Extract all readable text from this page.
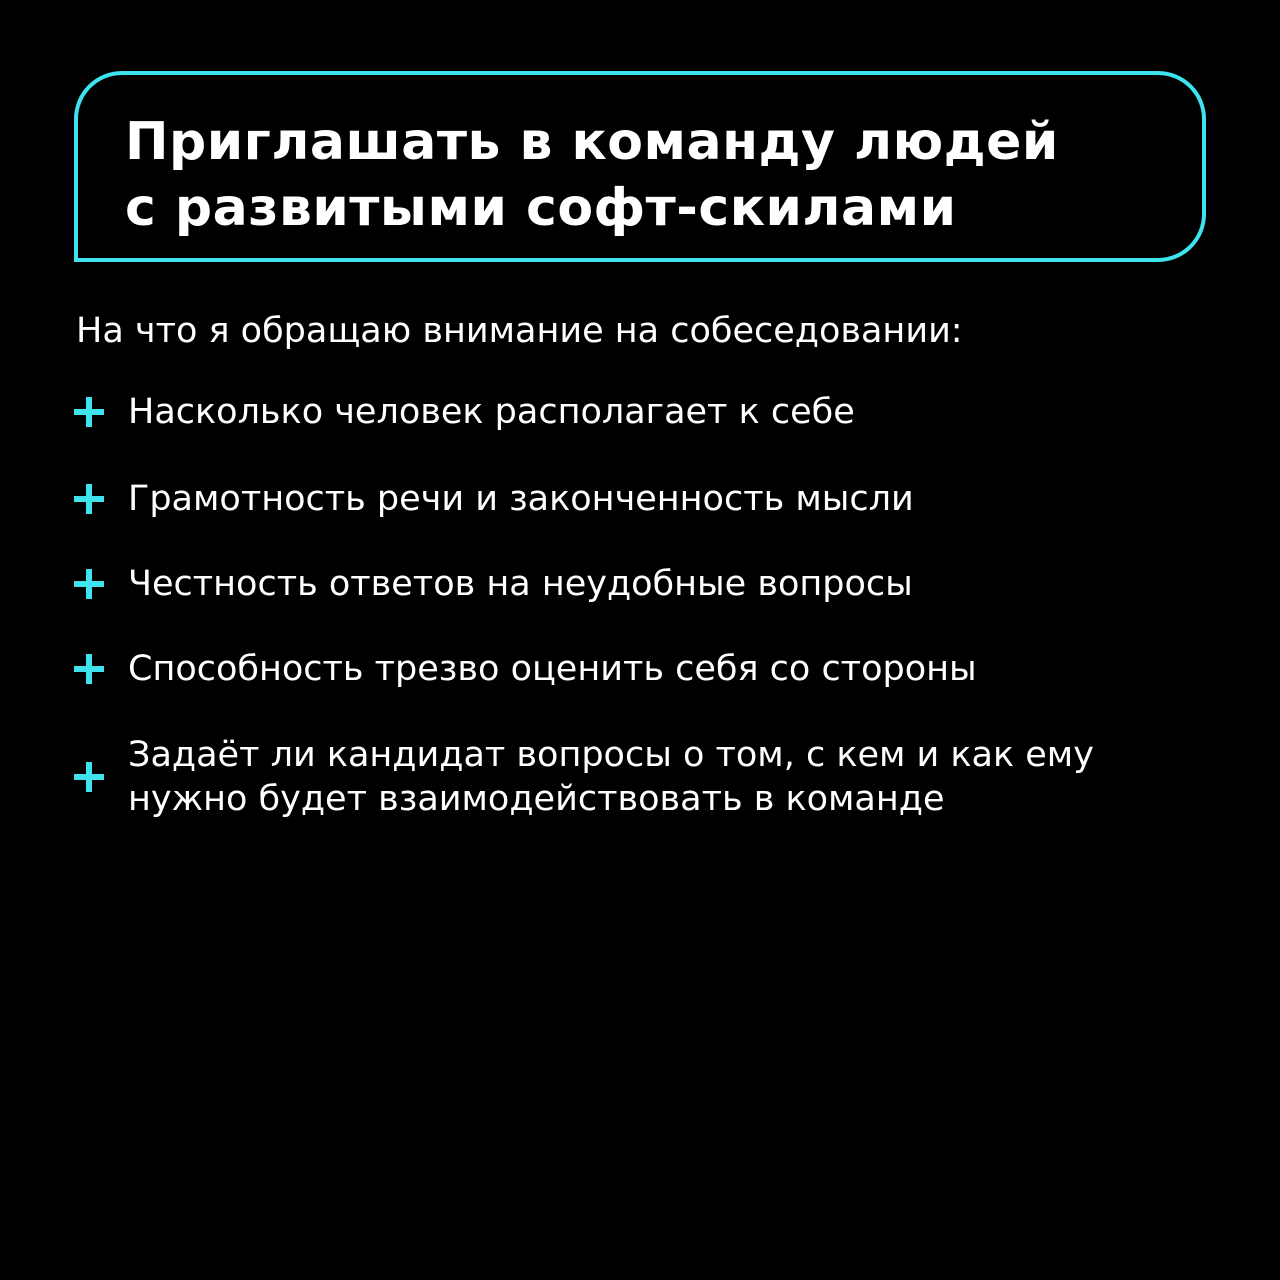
Приглашать в команду людей
с развитыми софт-скилами

На что я обращаю внимание на собеседовании:

Насколько человек располагает к себе
Грамотность речи и законченность мысли
Честность ответов на неудобные вопросы
Способность трезво оценить себя со стороны
Задаёт ли кандидат вопросы о том, с кем и как ему
нужно будет взаимодействовать в команде
